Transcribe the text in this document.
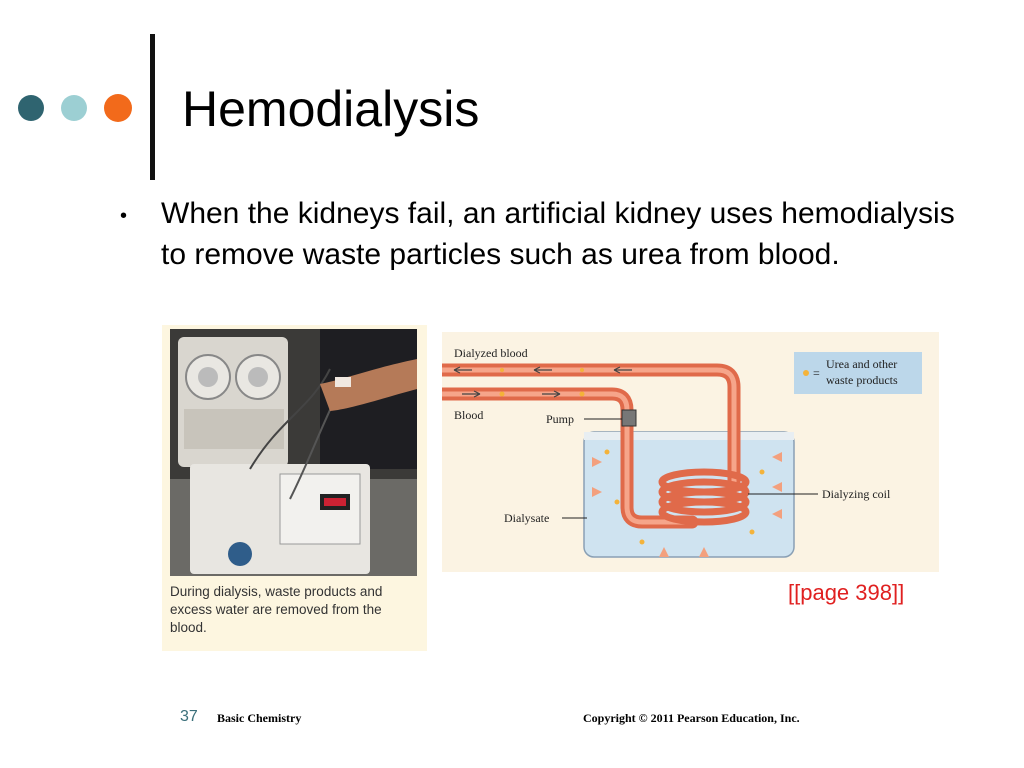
Hemodialysis
• When the kidneys fail, an artificial kidney uses hemodialysis to remove waste particles such as urea from blood.
During dialysis, waste products and excess water are removed from the blood.
=
Urea and other
waste products
Dialyzed blood
Blood	Pump
Dialysate
Dialyzing coil
[[page 398]]
37 Basic Chemistry	Copyright © 2011 Pearson Education, Inc.
